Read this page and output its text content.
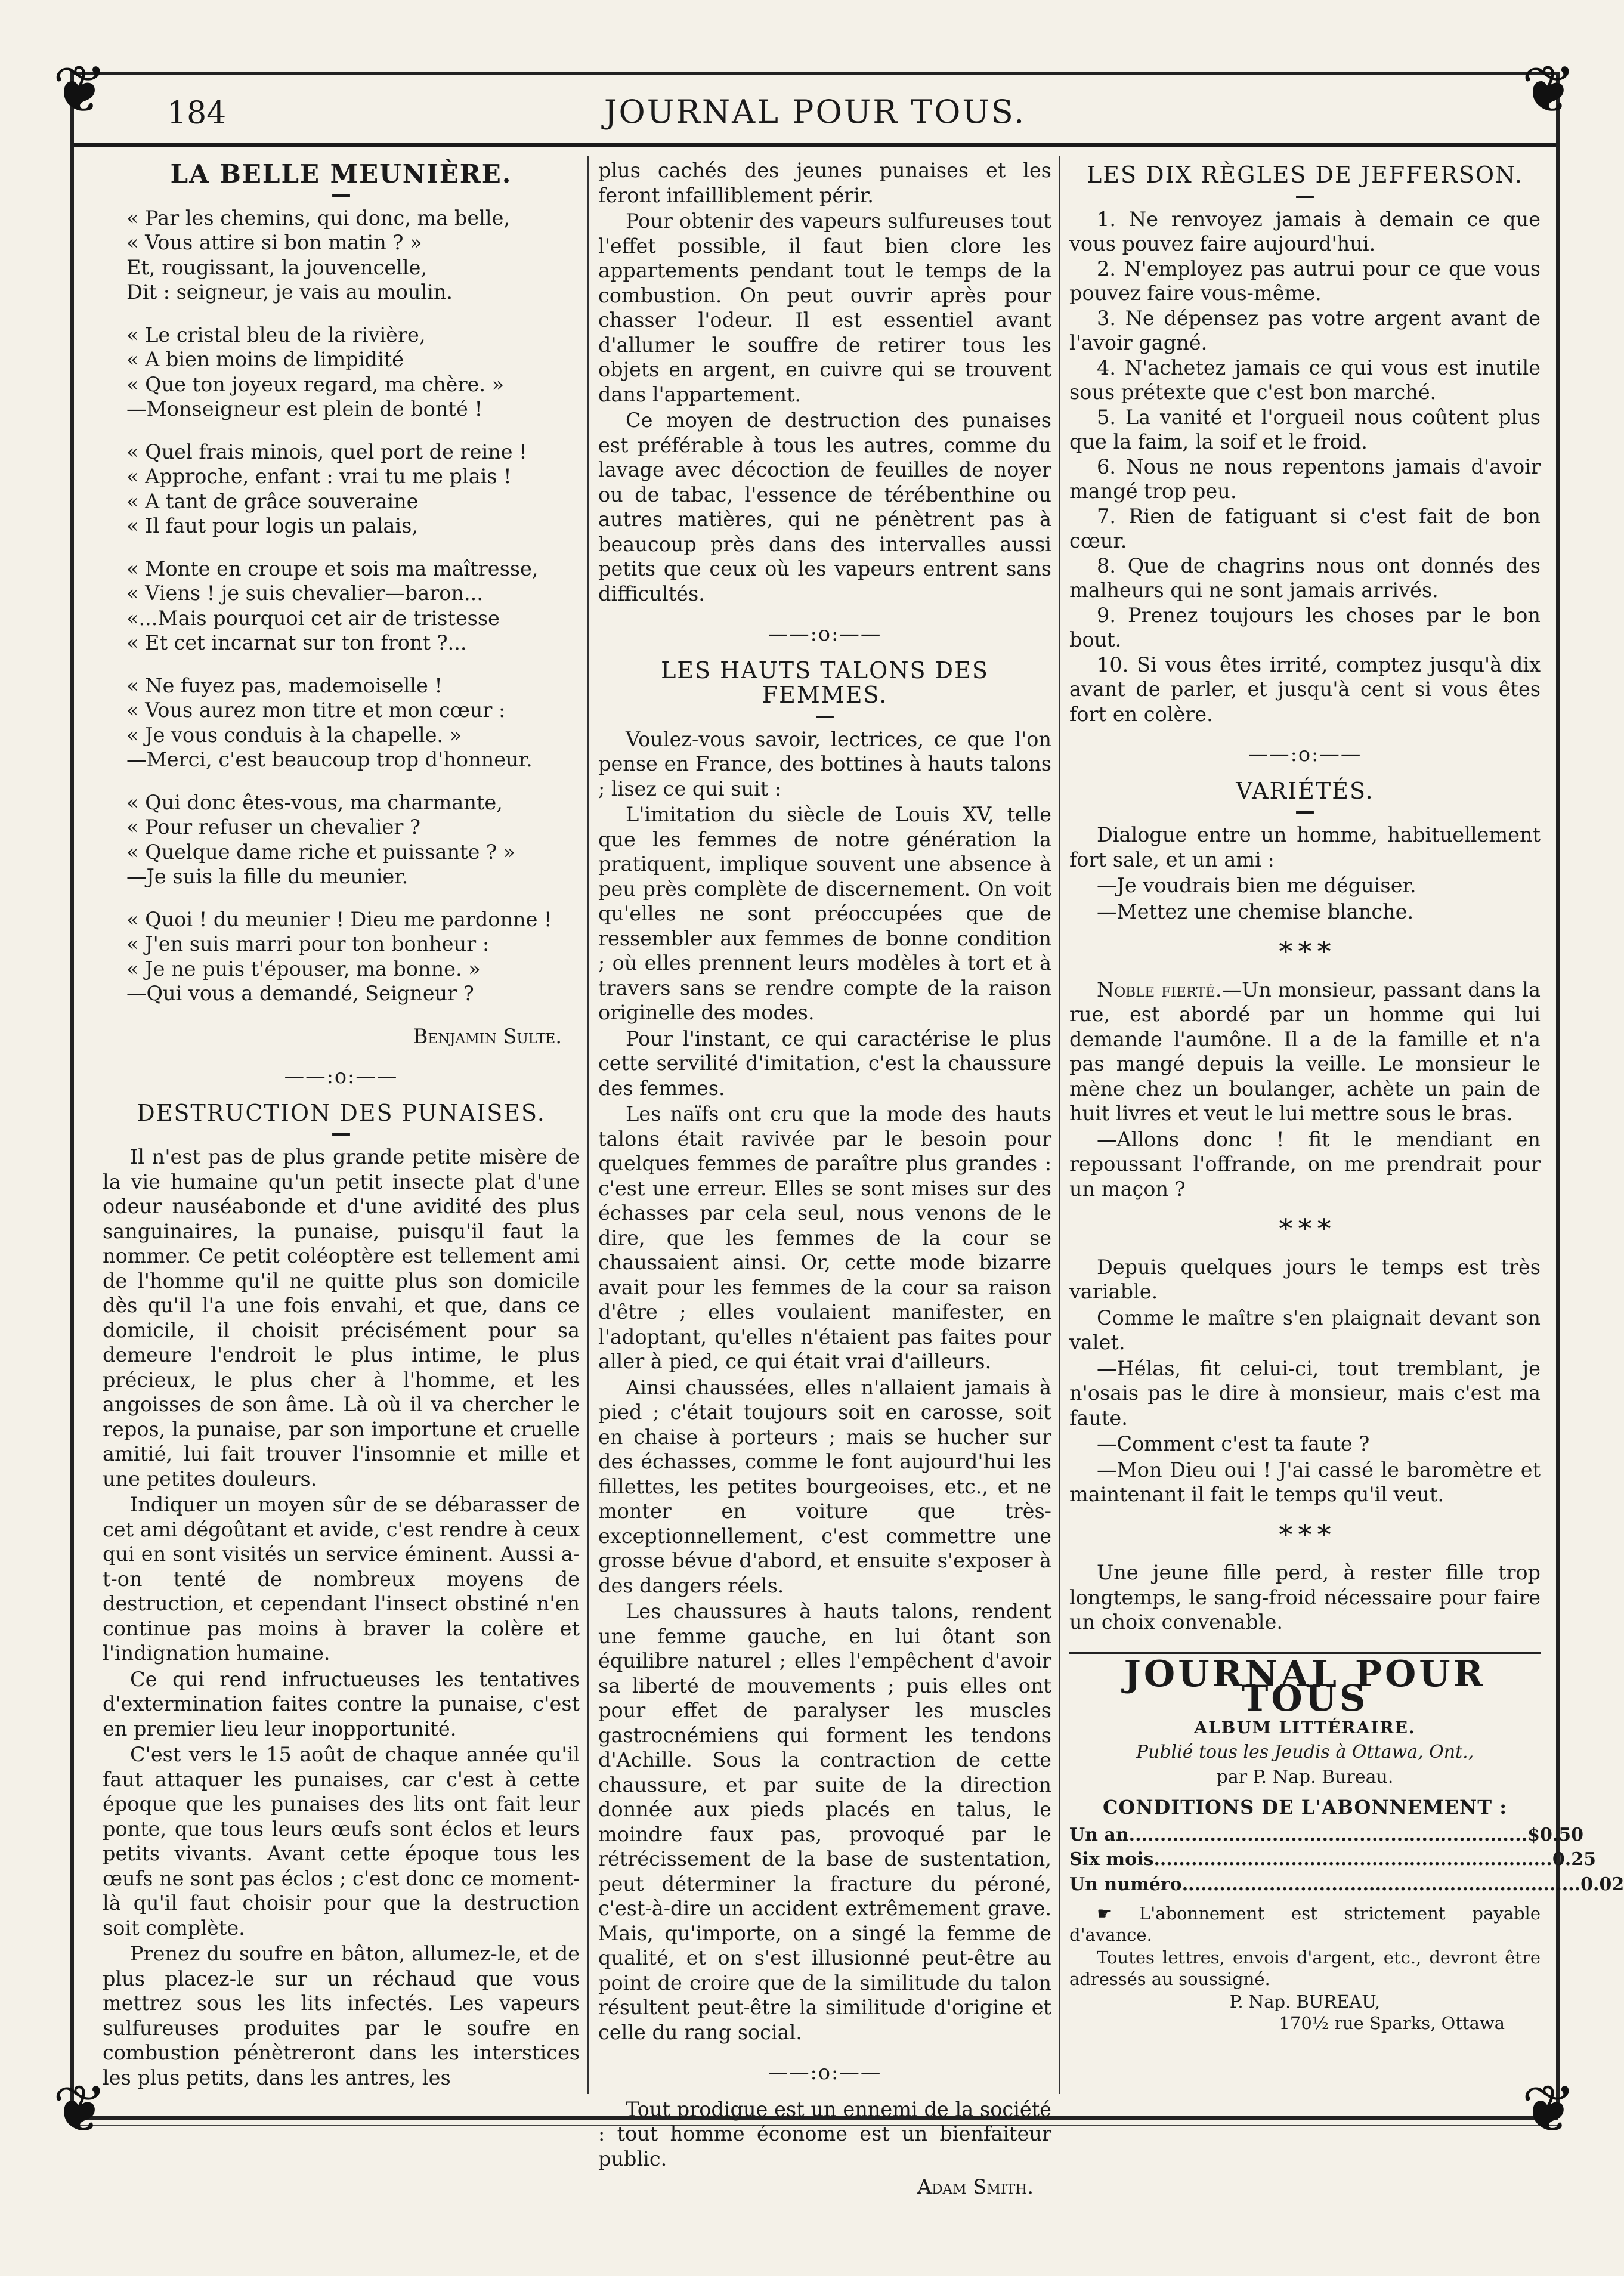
❦	❦
❦	❦
184	JOURNAL POUR TOUS.
LA BELLE MEUNIÈRE.
—

« Par les chemins, qui donc, ma belle,

« Vous attire si bon matin ? »

Et, rougissant, la jouvencelle,

Dit : seigneur, je vais au moulin.

« Le cristal bleu de la rivière,

« A bien moins de limpidité

« Que ton joyeux regard, ma chère. »

—Monseigneur est plein de bonté !

« Quel frais minois, quel port de reine !

« Approche, enfant : vrai tu me plais !

« A tant de grâce souveraine

« Il faut pour logis un palais,

« Monte en croupe et sois ma maîtresse,

« Viens ! je suis chevalier—baron...

«...Mais pourquoi cet air de tristesse

« Et cet incarnat sur ton front ?...

« Ne fuyez pas, mademoiselle !

« Vous aurez mon titre et mon cœur :

« Je vous conduis à la chapelle. »

—Merci, c'est beaucoup trop d'honneur.

« Qui donc êtes-vous, ma charmante,

« Pour refuser un chevalier ?

« Quelque dame riche et puissante ? »

—Je suis la fille du meunier.

« Quoi ! du meunier ! Dieu me pardonne !

« J'en suis marri pour ton bonheur :

« Je ne puis t'épouser, ma bonne. »

—Qui vous a demandé, Seigneur ?

Benjamin Sulte.
——:o:——
DESTRUCTION DES PUNAISES.
—

Il n'est pas de plus grande petite misère de la vie humaine qu'un petit insecte plat d'une odeur nauséabonde et d'une avidité des plus sanguinaires, la punaise, puisqu'il faut la nommer. Ce petit coléoptère est tellement ami de l'homme qu'il ne quitte plus son domicile dès qu'il l'a une fois envahi, et que, dans ce domicile, il choisit précisément pour sa demeure l'endroit le plus intime, le plus précieux, le plus cher à l'homme, et les angoisses de son âme. Là où il va chercher le repos, la punaise, par son importune et cruelle amitié, lui fait trouver l'insomnie et mille et une petites douleurs.

Indiquer un moyen sûr de se débarasser de cet ami dégoûtant et avide, c'est rendre à ceux qui en sont visités un service éminent. Aussi a-t-on tenté de nombreux moyens de destruction, et cependant l'insect obstiné n'en continue pas moins à braver la colère et l'indignation humaine.

Ce qui rend infructueuses les tentatives d'extermination faites contre la punaise, c'est en premier lieu leur inopportunité.

C'est vers le 15 août de chaque année qu'il faut attaquer les punaises, car c'est à cette époque que les punaises des lits ont fait leur ponte, que tous leurs œufs sont éclos et leurs petits vivants. Avant cette époque tous les œufs ne sont pas éclos ; c'est donc ce moment-là qu'il faut choisir pour que la destruction soit complète.

Prenez du soufre en bâton, allumez-le, et de plus placez-le sur un réchaud que vous mettrez sous les lits infectés. Les vapeurs sulfureuses produites par le soufre en combustion pénètreront dans les interstices les plus petits, dans les antres, les

plus cachés des jeunes punaises et les feront infailliblement périr.

Pour obtenir des vapeurs sulfureuses tout l'effet possible, il faut bien clore les appartements pendant tout le temps de la combustion. On peut ouvrir après pour chasser l'odeur. Il est essentiel avant d'allumer le souffre de retirer tous les objets en argent, en cuivre qui se trouvent dans l'appartement.

Ce moyen de destruction des punaises est préférable à tous les autres, comme du lavage avec décoction de feuilles de noyer ou de tabac, l'essence de térébenthine ou autres matières, qui ne pénètrent pas à beaucoup près dans des intervalles aussi petits que ceux où les vapeurs entrent sans difficultés.

——:o:——
LES HAUTS TALONS DES FEMMES.
—

Voulez-vous savoir, lectrices, ce que l'on pense en France, des bottines à hauts talons ; lisez ce qui suit :

L'imitation du siècle de Louis XV, telle que les femmes de notre génération la pratiquent, implique souvent une absence à peu près complète de discernement. On voit qu'elles ne sont préoccupées que de ressembler aux femmes de bonne condition ; où elles prennent leurs modèles à tort et à travers sans se rendre compte de la raison originelle des modes.

Pour l'instant, ce qui caractérise le plus cette servilité d'imitation, c'est la chaussure des femmes.

Les naïfs ont cru que la mode des hauts talons était ravivée par le besoin pour quelques femmes de paraître plus grandes : c'est une erreur. Elles se sont mises sur des échasses par cela seul, nous venons de le dire, que les femmes de la cour se chaussaient ainsi. Or, cette mode bizarre avait pour les femmes de la cour sa raison d'être ; elles voulaient manifester, en l'adoptant, qu'elles n'étaient pas faites pour aller à pied, ce qui était vrai d'ailleurs.

Ainsi chaussées, elles n'allaient jamais à pied ; c'était toujours soit en carosse, soit en chaise à porteurs ; mais se hucher sur des échasses, comme le font aujourd'hui les fillettes, les petites bourgeoises, etc., et ne monter en voiture que très-exceptionnellement, c'est commettre une grosse bévue d'abord, et ensuite s'exposer à des dangers réels.

Les chaussures à hauts talons, rendent une femme gauche, en lui ôtant son équilibre naturel ; elles l'empêchent d'avoir sa liberté de mouvements ; puis elles ont pour effet de paralyser les muscles gastrocnémiens qui forment les tendons d'Achille. Sous la contraction de cette chaussure, et par suite de la direction donnée aux pieds placés en talus, le moindre faux pas, provoqué par le rétrécissement de la base de sustentation, peut déterminer la fracture du péroné, c'est-à-dire un accident extrêmement grave. Mais, qu'importe, on a singé la femme de qualité, et on s'est illusionné peut-être au point de croire que de la similitude du talon résultent peut-être la similitude d'origine et celle du rang social.

——:o:——

Tout prodigue est un ennemi de la société : tout homme économe est un bienfaiteur public.

Adam Smith.
LES DIX RÈGLES DE JEFFERSON.
—

1. Ne renvoyez jamais à demain ce que vous pouvez faire aujourd'hui.

2. N'employez pas autrui pour ce que vous pouvez faire vous-même.

3. Ne dépensez pas votre argent avant de l'avoir gagné.

4. N'achetez jamais ce qui vous est inutile sous prétexte que c'est bon marché.

5. La vanité et l'orgueil nous coûtent plus que la faim, la soif et le froid.

6. Nous ne nous repentons jamais d'avoir mangé trop peu.

7. Rien de fatiguant si c'est fait de bon cœur.

8. Que de chagrins nous ont donnés des malheurs qui ne sont jamais arrivés.

9. Prenez toujours les choses par le bon bout.

10. Si vous êtes irrité, comptez jusqu'à dix avant de parler, et jusqu'à cent si vous êtes fort en colère.

——:o:——
VARIÉTÉS.
—

Dialogue entre un homme, habituellement fort sale, et un ami :

—Je voudrais bien me déguiser.

—Mettez une chemise blanche.

* * *

Noble fierté.—Un monsieur, passant dans la rue, est abordé par un homme qui lui demande l'aumône. Il a de la famille et n'a pas mangé depuis la veille. Le monsieur le mène chez un boulanger, achète un pain de huit livres et veut le lui mettre sous le bras.

—Allons donc ! fit le mendiant en repoussant l'offrande, on me prendrait pour un maçon ?

* * *

Depuis quelques jours le temps est très variable.

Comme le maître s'en plaignait devant son valet.

—Hélas, fit celui-ci, tout tremblant, je n'osais pas le dire à monsieur, mais c'est ma faute.

—Comment c'est ta faute ?

—Mon Dieu oui ! J'ai cassé le baromètre et maintenant il fait le temps qu'il veut.

* * *

Une jeune fille perd, à rester fille trop longtemps, le sang-froid nécessaire pour faire un choix convenable.

JOURNAL POUR TOUS
ALBUM LITTÉRAIRE.
Publié tous les Jeudis à Ottawa, Ont.,
par P. Nap. Bureau.
CONDITIONS DE L'ABONNEMENT :
Un an ................................................................ $0.50
Six mois ................................................................ 0.25
Un numéro ................................................................ 0.02

☛ L'abonnement est strictement payable d'avance.

Toutes lettres, envois d'argent, etc., devront être adressés au soussigné.

P. Nap. BUREAU,
170½ rue Sparks, Ottawa
